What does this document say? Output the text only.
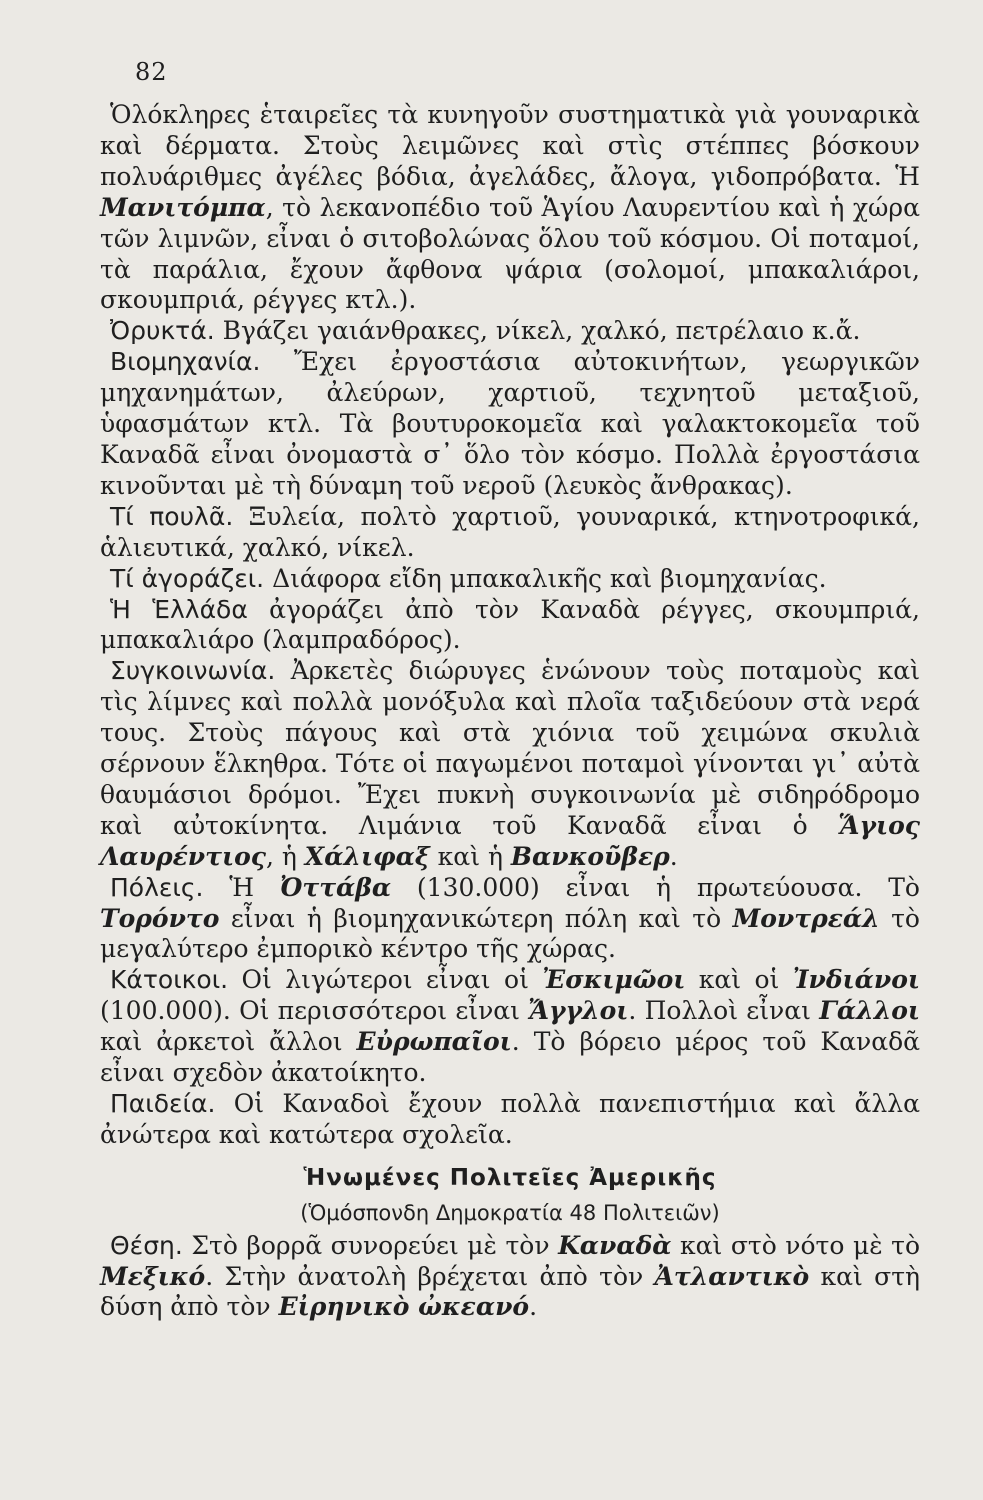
82

Ὁλόκληρες ἑταιρεῖες τὰ κυνηγοῦν συστηματικὰ γιὰ γουναρικὰ καὶ δέρματα. Στοὺς λειμῶνες καὶ στὶς στέππες βόσκουν πολυάριθμες ἀγέλες βόδια, ἀγελάδες, ἄλογα, γιδοπρόβατα. Ἡ Μανιτόμπα, τὸ λεκανοπέδιο τοῦ Ἁγίου Λαυρεντίου καὶ ἡ χώρα τῶν λιμνῶν, εἶναι ὁ σιτοβολώνας ὅλου τοῦ κόσμου. Οἱ ποταμοί, τὰ παράλια, ἔχουν ἄφθονα ψάρια (σολομοί, μπακαλιάροι, σκουμπριά, ρέγγες κτλ.).

Ὀρυκτά. Βγάζει γαιάνθρακες, νίκελ, χαλκό, πετρέλαιο κ.ἄ.

Βιομηχανία. Ἔχει ἐργοστάσια αὐτοκινήτων, γεωργικῶν μηχανημάτων, ἀλεύρων, χαρτιοῦ, τεχνητοῦ μεταξιοῦ, ὑφασμάτων κτλ. Τὰ βουτυροκομεῖα καὶ γαλακτοκομεῖα τοῦ Καναδᾶ εἶναι ὀνομαστὰ σ᾿ ὅλο τὸν κόσμο. Πολλὰ ἐργοστάσια κινοῦνται μὲ τὴ δύναμη τοῦ νεροῦ (λευκὸς ἄνθρακας).

Τί πουλᾶ. Ξυλεία, πολτὸ χαρτιοῦ, γουναρικά, κτηνοτροφικά, ἁλιευτικά, χαλκό, νίκελ.

Τί ἀγοράζει. Διάφορα εἴδη μπακαλικῆς καὶ βιομηχανίας.

Ἡ Ἑλλάδα ἀγοράζει ἀπὸ τὸν Καναδὰ ρέγγες, σκουμπριά, μπακαλιάρο (λαμπραδόρος).

Συγκοινωνία. Ἀρκετὲς διώρυγες ἑνώνουν τοὺς ποταμοὺς καὶ τὶς λίμνες καὶ πολλὰ μονόξυλα καὶ πλοῖα ταξιδεύουν στὰ νερά τους. Στοὺς πάγους καὶ στὰ χιόνια τοῦ χειμώνα σκυλιὰ σέρνουν ἕλκηθρα. Τότε οἱ παγωμένοι ποταμοὶ γίνονται γι᾿ αὐτὰ θαυμάσιοι δρόμοι. Ἔχει πυκνὴ συγκοινωνία μὲ σιδηρόδρομο καὶ αὐτοκίνητα. Λιμάνια τοῦ Καναδᾶ εἶναι ὁ Ἅγιος Λαυρέντιος, ἡ Χάλιφαξ καὶ ἡ Βανκοῦβερ.

Πόλεις. Ἡ Ὀττάβα (130.000) εἶναι ἡ πρωτεύουσα. Τὸ Τορόντο εἶναι ἡ βιομηχανικώτερη πόλη καὶ τὸ Μοντρεάλ τὸ μεγαλύτερο ἐμπορικὸ κέντρο τῆς χώρας.

Κάτοικοι. Οἱ λιγώτεροι εἶναι οἱ Ἐσκιμῶοι καὶ οἱ Ἰνδιάνοι (100.000). Οἱ περισσότεροι εἶναι Ἄγγλοι. Πολλοὶ εἶναι Γάλλοι καὶ ἀρκετοὶ ἄλλοι Εὐρωπαῖοι. Τὸ βόρειο μέρος τοῦ Καναδᾶ εἶναι σχεδὸν ἀκατοίκητο.

Παιδεία. Οἱ Καναδοὶ ἔχουν πολλὰ πανεπιστήμια καὶ ἄλλα ἀνώτερα καὶ κατώτερα σχολεῖα.

Ἡνωμένες Πολιτεῖες Ἀμερικῆς
(Ὁμόσπονδη Δημοκρατία 48 Πολιτειῶν)

Θέση. Στὸ βορρᾶ συνορεύει μὲ τὸν Καναδὰ καὶ στὸ νότο μὲ τὸ Μεξικό. Στὴν ἀνατολὴ βρέχεται ἀπὸ τὸν Ἀτλαντικὸ καὶ στὴ δύση ἀπὸ τὸν Εἰρηνικὸ ὠκεανό.
